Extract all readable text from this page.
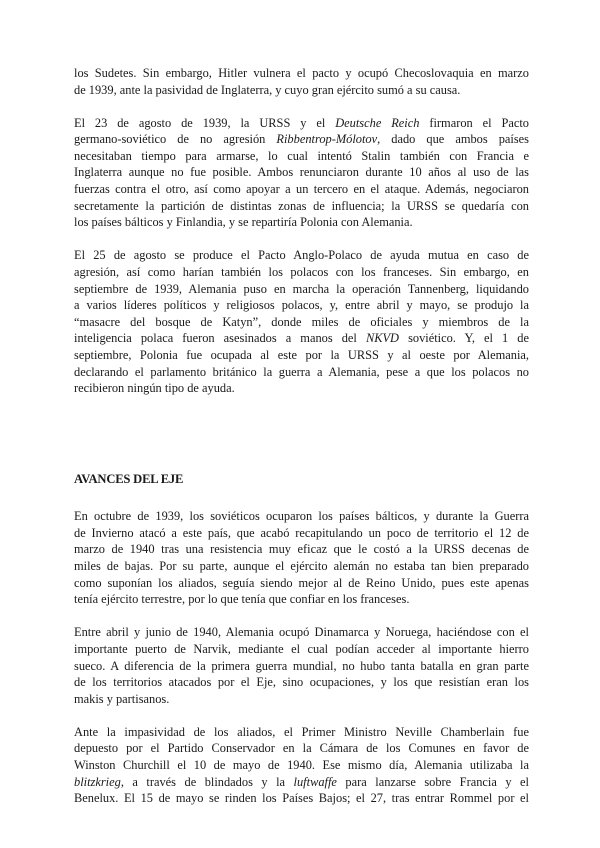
los Sudetes. Sin embargo, Hitler vulnera el pacto y ocupó Checoslovaquia en marzo
de 1939, ante la pasividad de Inglaterra, y cuyo gran ejército sumó a su causa.
El 23 de agosto de 1939, la URSS y el Deutsche Reich firmaron el Pacto
germano-soviético de no agresión Ribbentrop-Mólotov, dado que ambos países
necesitaban tiempo para armarse, lo cual intentó Stalin también con Francia e
Inglaterra aunque no fue posible. Ambos renunciaron durante 10 años al uso de las
fuerzas contra el otro, así como apoyar a un tercero en el ataque. Además, negociaron
secretamente la partición de distintas zonas de influencia; la URSS se quedaría con
los países bálticos y Finlandia, y se repartiría Polonia con Alemania.
El 25 de agosto se produce el Pacto Anglo-Polaco de ayuda mutua en caso de
agresión, así como harían también los polacos con los franceses. Sin embargo, en
septiembre de 1939, Alemania puso en marcha la operación Tannenberg, liquidando
a varios líderes políticos y religiosos polacos, y, entre abril y mayo, se produjo la
“masacre del bosque de Katyn”, donde miles de oficiales y miembros de la
inteligencia polaca fueron asesinados a manos del NKVD soviético. Y, el 1 de
septiembre, Polonia fue ocupada al este por la URSS y al oeste por Alemania,
declarando el parlamento británico la guerra a Alemania, pese a que los polacos no
recibieron ningún tipo de ayuda.
AVANCES DEL EJE
En octubre de 1939, los soviéticos ocuparon los países bálticos, y durante la Guerra
de Invierno atacó a este país, que acabó recapitulando un poco de territorio el 12 de
marzo de 1940 tras una resistencia muy eficaz que le costó a la URSS decenas de
miles de bajas. Por su parte, aunque el ejército alemán no estaba tan bien preparado
como suponían los aliados, seguía siendo mejor al de Reino Unido, pues este apenas
tenía ejército terrestre, por lo que tenía que confiar en los franceses.
Entre abril y junio de 1940, Alemania ocupó Dinamarca y Noruega, haciéndose con el
importante puerto de Narvik, mediante el cual podían acceder al importante hierro
sueco. A diferencia de la primera guerra mundial, no hubo tanta batalla en gran parte
de los territorios atacados por el Eje, sino ocupaciones, y los que resistían eran los
makis y partisanos.
Ante la impasividad de los aliados, el Primer Ministro Neville Chamberlain fue
depuesto por el Partido Conservador en la Cámara de los Comunes en favor de
Winston Churchill el 10 de mayo de 1940. Ese mismo día, Alemania utilizaba la
blitzkrieg, a través de blindados y la luftwaffe para lanzarse sobre Francia y el
Benelux. El 15 de mayo se rinden los Países Bajos; el 27, tras entrar Rommel por el
